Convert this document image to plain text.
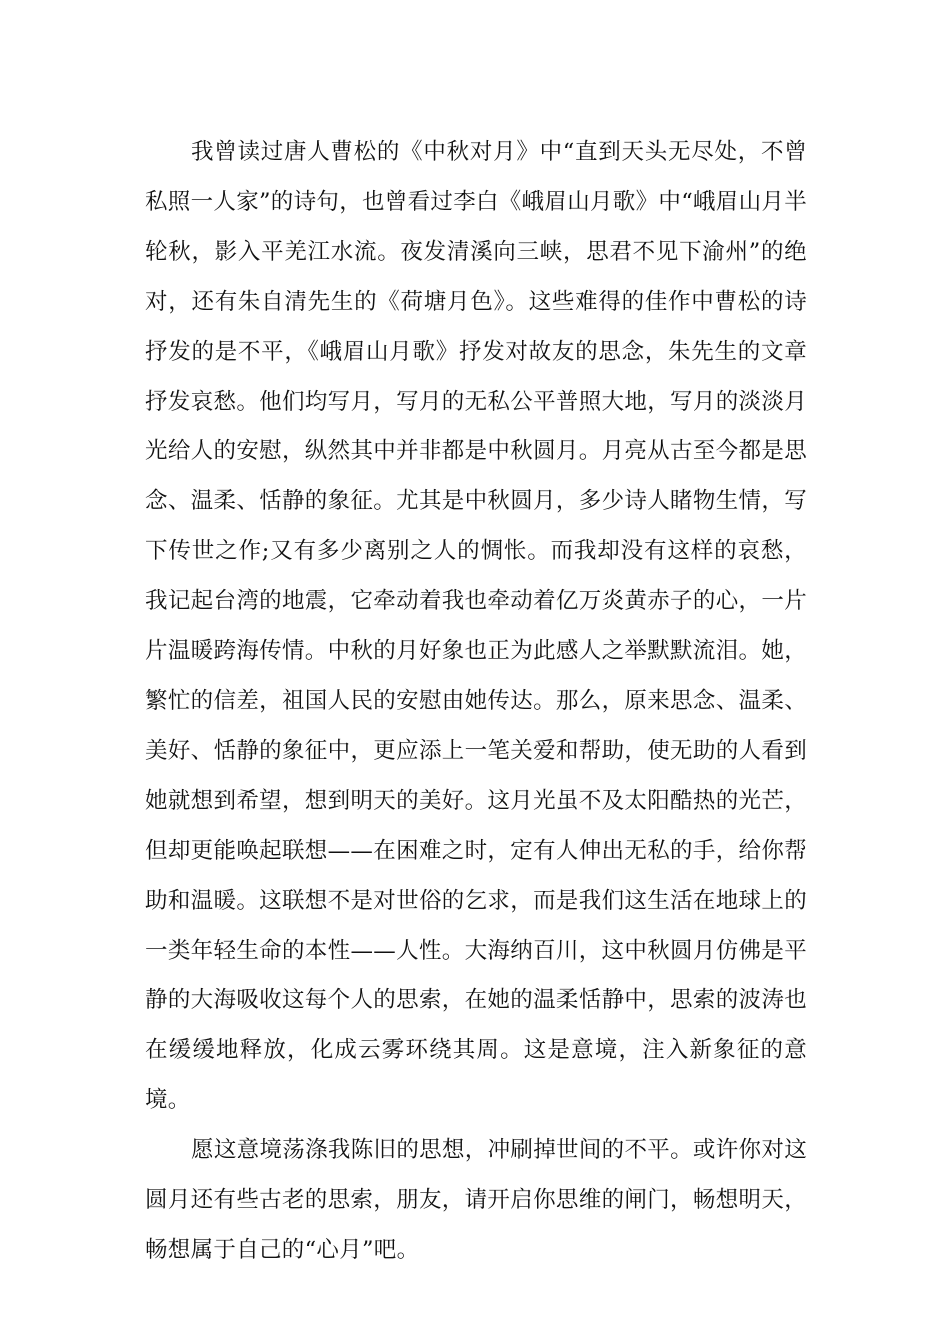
我曾读过唐人曹松的《中秋对月》中“直到天头无尽处，不曾私照一人家”的诗句，也曾看过李白《峨眉山月歌》中“峨眉山月半轮秋，影入平羌江水流。夜发清溪向三峡，思君不见下渝州”的绝对，还有朱自清先生的《荷塘月色》。这些难得的佳作中曹松的诗抒发的是不平，《峨眉山月歌》抒发对故友的思念，朱先生的文章抒发哀愁。他们均写月，写月的无私公平普照大地，写月的淡淡月光给人的安慰，纵然其中并非都是中秋圆月。月亮从古至今都是思念、温柔、恬静的象征。尤其是中秋圆月，多少诗人睹物生情，写下传世之作;又有多少离别之人的惆怅。而我却没有这样的哀愁，我记起台湾的地震，它牵动着我也牵动着亿万炎黄赤子的心，一片片温暖跨海传情。中秋的月好象也正为此感人之举默默流泪。她，繁忙的信差，祖国人民的安慰由她传达。那么，原来思念、温柔、美好、恬静的象征中，更应添上一笔关爱和帮助，使无助的人看到她就想到希望，想到明天的美好。这月光虽不及太阳酷热的光芒，但却更能唤起联想——在困难之时，定有人伸出无私的手，给你帮助和温暖。这联想不是对世俗的乞求，而是我们这生活在地球上的一类年轻生命的本性——人性。大海纳百川，这中秋圆月仿佛是平静的大海吸收这每个人的思索，在她的温柔恬静中，思索的波涛也在缓缓地释放，化成云雾环绕其周。这是意境，注入新象征的意境。

愿这意境荡涤我陈旧的思想，冲刷掉世间的不平。或许你对这圆月还有些古老的思索，朋友，请开启你思维的闸门，畅想明天，畅想属于自己的“心月”吧。
